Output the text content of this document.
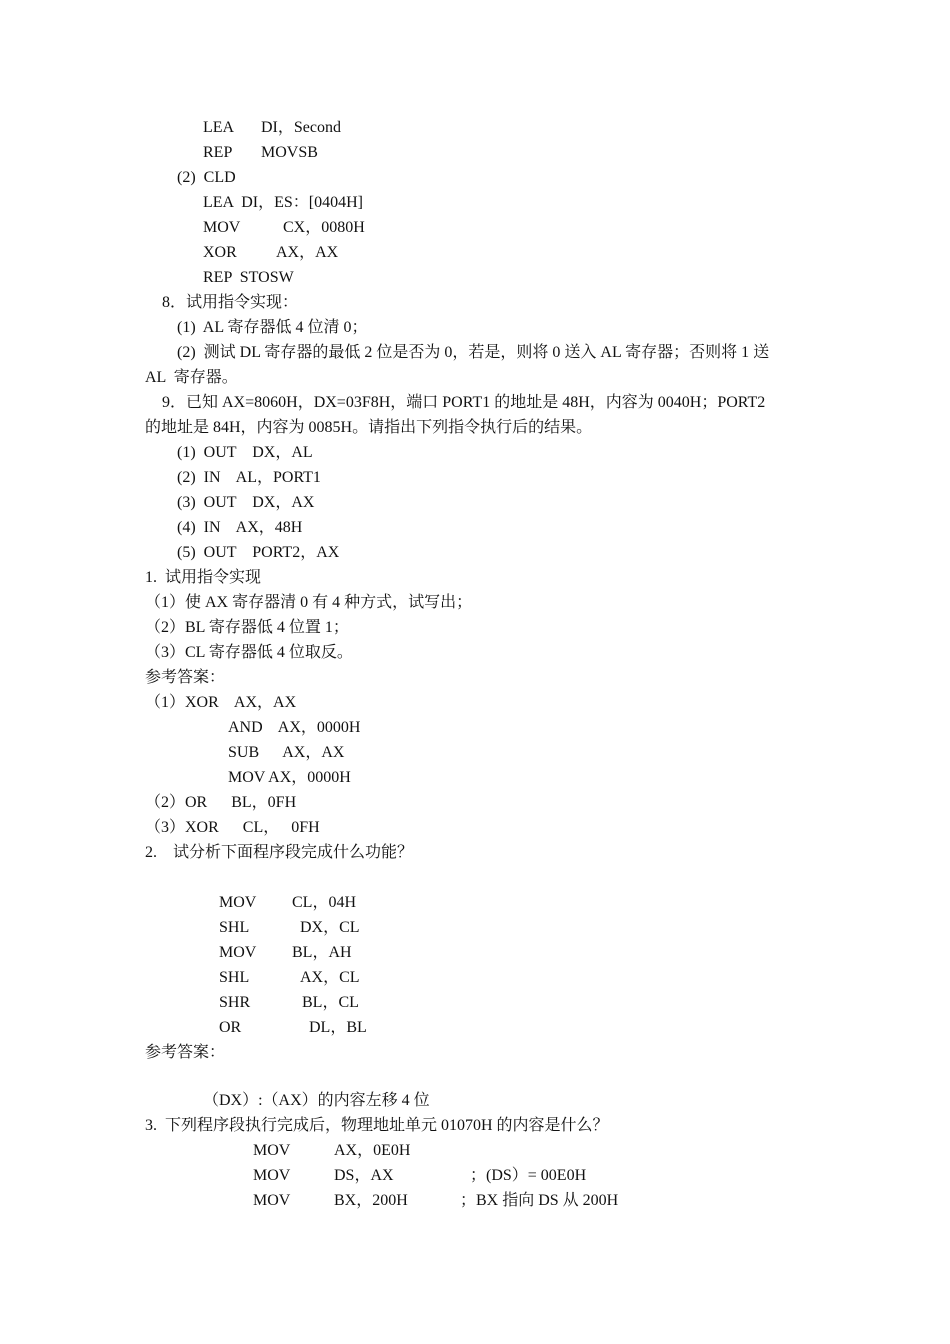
LEA DI，Second
REP MOVSB
(2)  CLD
LEA  DI，ES：[0404H]
MOV	CX，0080H
XOR AX，AX
REP  STOSW
8．试用指令实现：
(1)  AL 寄存器低 4 位清 0；
(2)  测试 DL 寄存器的最低 2 位是否为 0，若是，则将 0 送入 AL 寄存器；否则将 1 送
AL  寄存器。
9．已知 AX=8060H，DX=03F8H，端口 PORT1 的地址是 48H，内容为 0040H；PORT2
的地址是 84H，内容为 0085H。请指出下列指令执行后的结果。
(1)  OUT    DX，AL
(2)  IN    AL，PORT1
(3)  OUT    DX，AX
(4)  IN    AX，48H
(5)  OUT    PORT2，AX
1.  试用指令实现
（1）使 AX 寄存器清 0 有 4 种方式，试写出；
（2）BL 寄存器低 4 位置 1；
（3）CL 寄存器低 4 位取反。
参考答案：
（1）XOR    AX，AX
AND    AX，0000H
SUB      AX，AX
MOV AX，0000H
（2）OR      BL，0FH
（3）XOR      CL，   0FH
2.    试分析下面程序段完成什么功能？
MOV CL，04H
SHL	DX，CL
MOV BL，AH
SHL	AX，CL
SHR	BL，CL
OR	DL，BL
参考答案：
（DX）:（AX）的内容左移 4 位
3.  下列程序段执行完成后，物理地址单元 01070H 的内容是什么？
MOV	AX，0E0H
MOV	DS，AX	；(DS）= 00E0H
MOV	BX，200H	；BX 指向 DS 从 200H
